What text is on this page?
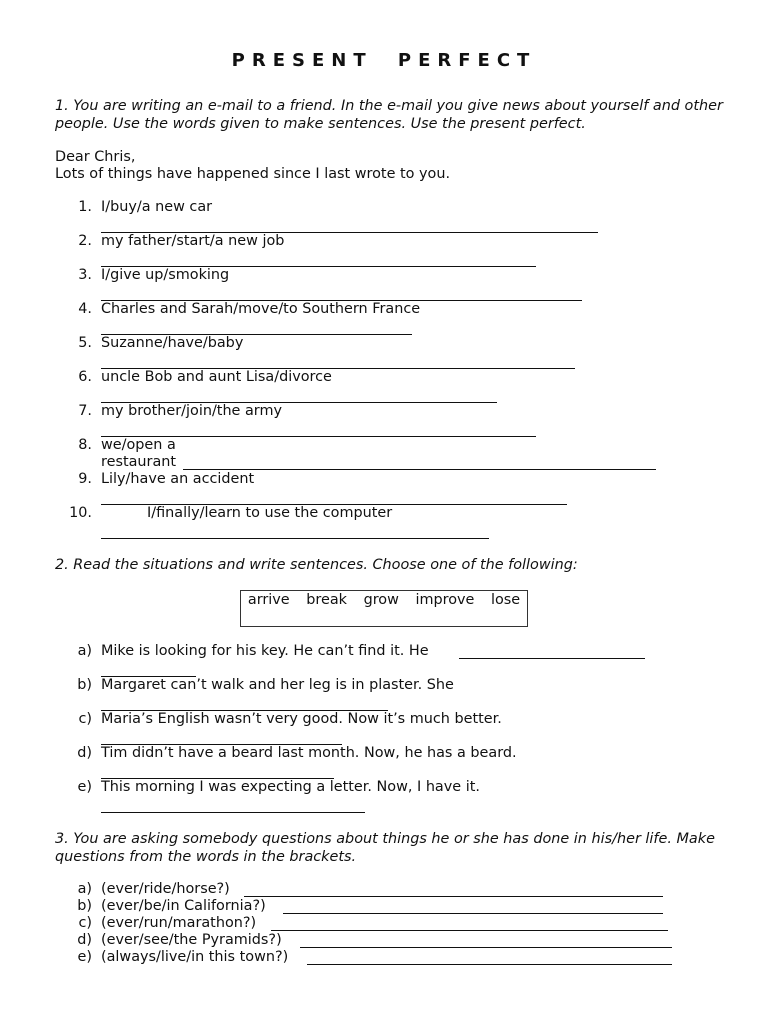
PRESENT PERFECT
1. You are writing an e-mail to a friend. In the e-mail you give news about yourself and other people. Use the words given to make sentences. Use the present perfect.
Dear Chris,
Lots of things have happened since I last wrote to you.
1. I/buy/a new car
2. my father/start/a new job
3. I/give up/smoking
4. Charles and Sarah/move/to Southern France
5. Suzanne/have/baby
6. uncle Bob and aunt Lisa/divorce
7. my brother/join/the army
8. we/open a
restaurant
9. Lily/have an accident
10.	I/finally/learn to use the computer
2. Read the situations and write sentences. Choose one of the following:
arrive break grow improve lose
a) Mike is looking for his key. He can’t find it. He
b) Margaret can’t walk and her leg is in plaster. She
c) Maria’s English wasn’t very good. Now it’s much better.
d) Tim didn’t have a beard last month. Now, he has a beard.
e) This morning I was expecting a letter. Now, I have it.
3. You are asking somebody questions about things he or she has done in his/her life. Make questions from the words in the brackets.
a) (ever/ride/horse?)
b) (ever/be/in California?)
c) (ever/run/marathon?)
d) (ever/see/the Pyramids?)
e) (always/live/in this town?)
